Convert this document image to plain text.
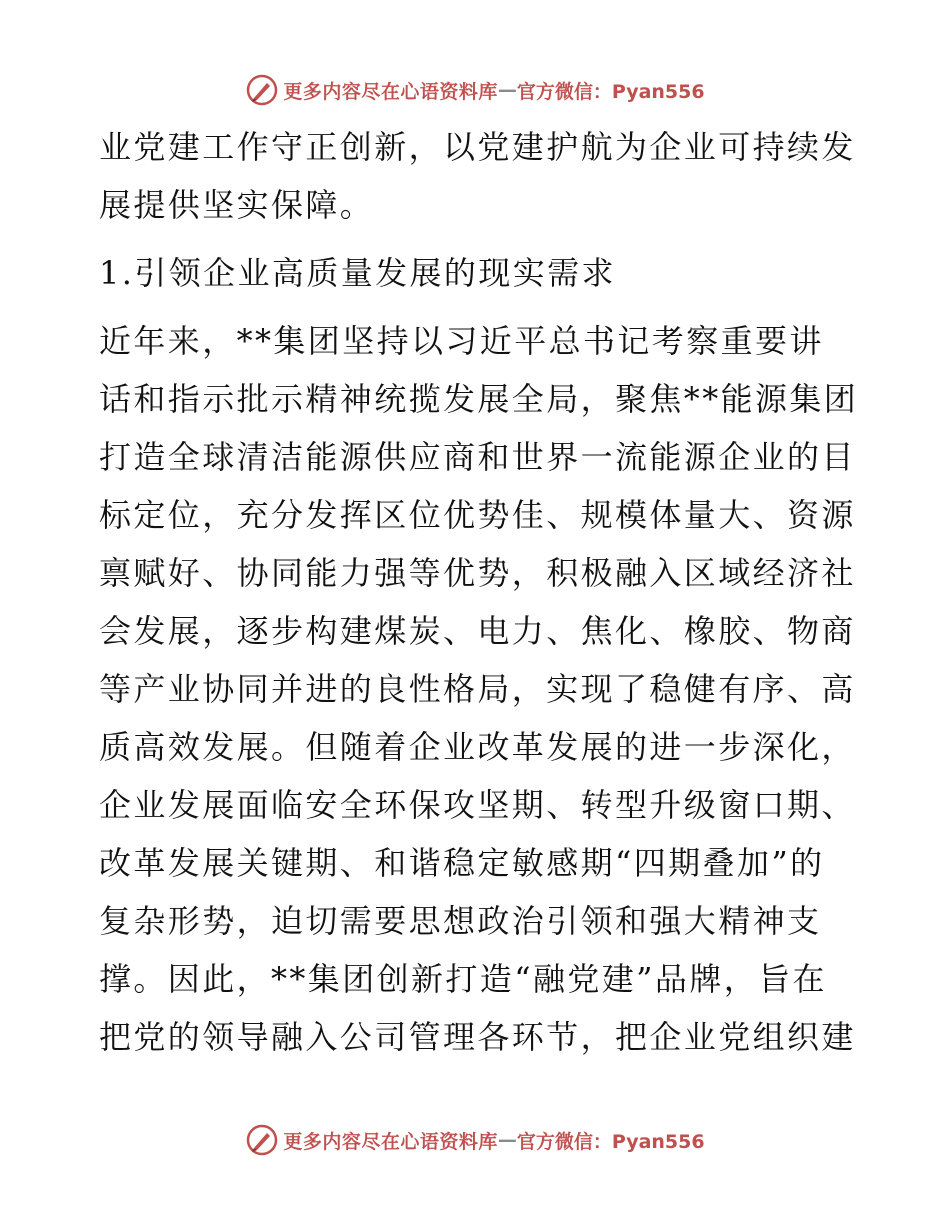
更多内容尽在心语资料库 — 官方微信：Pyan556
业党建工作守正创新，以党建护航为企业可持续发
展提供坚实保障。
1.引领企业高质量发展的现实需求
近年来，**集团坚持以习近平总书记考察重要讲
话和指示批示精神统揽发展全局，聚焦**能源集团
打造全球清洁能源供应商和世界一流能源企业的目
标定位，充分发挥区位优势佳、规模体量大、资源
禀赋好、协同能力强等优势，积极融入区域经济社
会发展，逐步构建煤炭、电力、焦化、橡胶、物商
等产业协同并进的良性格局，实现了稳健有序、高
质高效发展。但随着企业改革发展的进一步深化，
企业发展面临安全环保攻坚期、转型升级窗口期、
改革发展关键期、和谐稳定敏感期“四期叠加”的
复杂形势，迫切需要思想政治引领和强大精神支
撑。因此，**集团创新打造“融党建”品牌，旨在
把党的领导融入公司管理各环节，把企业党组织建
更多内容尽在心语资料库 — 官方微信：Pyan556
